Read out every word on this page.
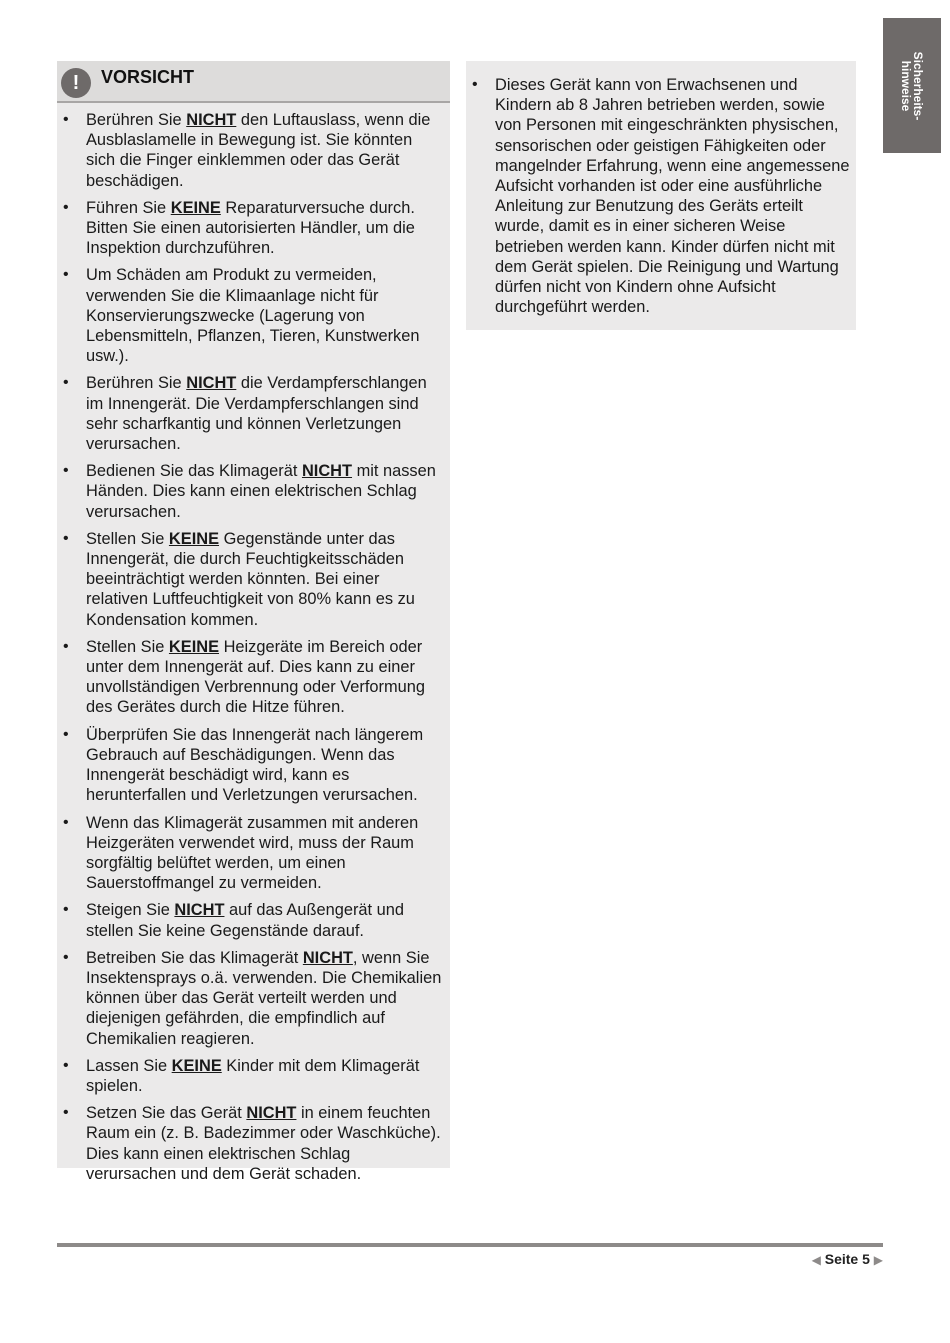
Sicherheits-
hinweise
!	VORSICHT
• Berühren Sie NICHT den Luftauslass, wenn die Ausblaslamelle in Bewegung ist. Sie könnten sich die Finger einklemmen oder das Gerät beschädigen.
• Führen Sie KEINE Reparaturversuche durch. Bitten Sie einen autorisierten Händler, um die Inspektion durchzuführen.
• Um Schäden am Produkt zu vermeiden, verwenden Sie die Klimaanlage nicht für Konservierungszwecke (Lagerung von Lebensmitteln, Pflanzen, Tieren, Kunstwerken usw.).
• Berühren Sie NICHT die Verdampferschlangen im Innengerät. Die Verdampferschlangen sind sehr scharfkantig und können Verletzungen verursachen.
• Bedienen Sie das Klimagerät NICHT mit nassen Händen. Dies kann einen elektrischen Schlag verursachen.
• Stellen Sie KEINE Gegenstände unter das Innengerät, die durch Feuchtigkeitsschäden beeinträchtigt werden könnten. Bei einer relativen Luftfeuchtigkeit von 80% kann es zu Kondensation kommen.
• Stellen Sie KEINE Heizgeräte im Bereich oder unter dem Innengerät auf. Dies kann zu einer unvollständigen Verbrennung oder Verformung des Gerätes durch die Hitze führen.
• Überprüfen Sie das Innengerät nach längerem Gebrauch auf Beschädigungen. Wenn das Innengerät beschädigt wird, kann es herunterfallen und Verletzungen verursachen.
• Wenn das Klimagerät zusammen mit anderen Heizgeräten verwendet wird, muss der Raum sorgfältig belüftet werden, um einen Sauerstoffmangel zu vermeiden.
• Steigen Sie NICHT auf das Außengerät und stellen Sie keine Gegenstände darauf.
• Betreiben Sie das Klimagerät NICHT, wenn Sie Insektensprays o.ä. verwenden. Die Chemikalien können über das Gerät verteilt werden und diejenigen gefährden, die empfindlich auf Chemikalien reagieren.
• Lassen Sie KEINE Kinder mit dem Klimagerät spielen.
• Setzen Sie das Gerät NICHT in einem feuchten Raum ein (z. B. Badezimmer oder Waschküche). Dies kann einen elektrischen Schlag verursachen und dem Gerät schaden.
• Dieses Gerät kann von Erwachsenen und Kindern ab 8 Jahren betrieben werden, sowie von Personen mit eingeschränkten physischen, sensorischen oder geistigen Fähigkeiten oder mangelnder Erfahrung, wenn eine angemessene Aufsicht vorhanden ist oder eine ausführliche Anleitung zur Benutzung des Geräts erteilt wurde, damit es in einer sicheren Weise betrieben werden kann. Kinder dürfen nicht mit dem Gerät spielen. Die Reinigung und Wartung dürfen nicht von Kindern ohne Aufsicht durchgeführt werden.
◀ Seite 5 ▶
